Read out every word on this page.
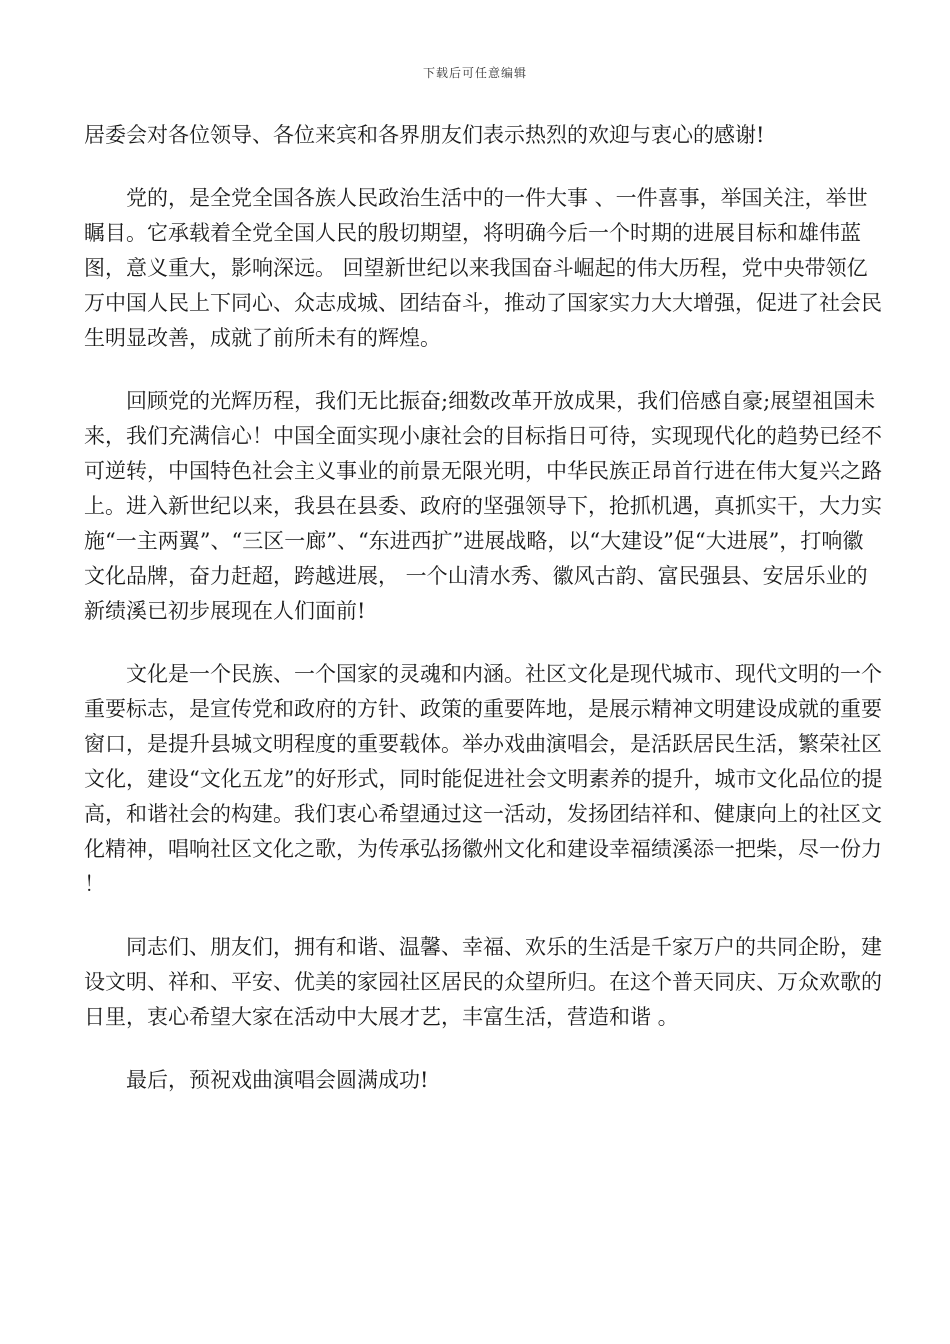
下载后可任意编辑

居委会对各位领导、各位来宾和各界朋友们表示热烈的欢迎与衷心的感谢!

党的，是全党全国各族人民政治生活中的一件大事 、一件喜事，举国关注，举世瞩目。它承载着全党全国人民的殷切期望，将明确今后一个时期的进展目标和雄伟蓝图，意义重大，影响深远。 回望新世纪以来我国奋斗崛起的伟大历程，党中央带领亿万中国人民上下同心、众志成城、团结奋斗，推动了国家实力大大增强，促进了社会民生明显改善，成就了前所未有的辉煌。

回顾党的光辉历程，我们无比振奋;细数改革开放成果，我们倍感自豪;展望祖国未来，我们充满信心！中国全面实现小康社会的目标指日可待，实现现代化的趋势已经不可逆转，中国特色社会主义事业的前景无限光明，中华民族正昂首行进在伟大复兴之路上。进入新世纪以来，我县在县委、政府的坚强领导下，抢抓机遇，真抓实干，大力实施“一主两翼”、“三区一廊”、“东进西扩”进展战略，以“大建设”促“大进展”，打响徽文化品牌，奋力赶超，跨越进展， 一个山清水秀、徽风古韵、富民强县、安居乐业的新绩溪已初步展现在人们面前!

文化是一个民族、一个国家的灵魂和内涵。社区文化是现代城市、现代文明的一个重要标志，是宣传党和政府的方针、政策的重要阵地，是展示精神文明建设成就的重要窗口，是提升县城文明程度的重要载体。举办戏曲演唱会，是活跃居民生活，繁荣社区文化，建设“文化五龙”的好形式，同时能促进社会文明素养的提升，城市文化品位的提高，和谐社会的构建。我们衷心希望通过这一活动，发扬团结祥和、健康向上的社区文化精神，唱响社区文化之歌，为传承弘扬徽州文化和建设幸福绩溪添一把柴，尽一份力 ！

同志们、朋友们，拥有和谐、温馨、幸福、欢乐的生活是千家万户的共同企盼，建设文明、祥和、平安、优美的家园社区居民的众望所归。在这个普天同庆、万众欢歌的日里，衷心希望大家在活动中大展才艺，丰富生活，营造和谐 。

最后，预祝戏曲演唱会圆满成功!
